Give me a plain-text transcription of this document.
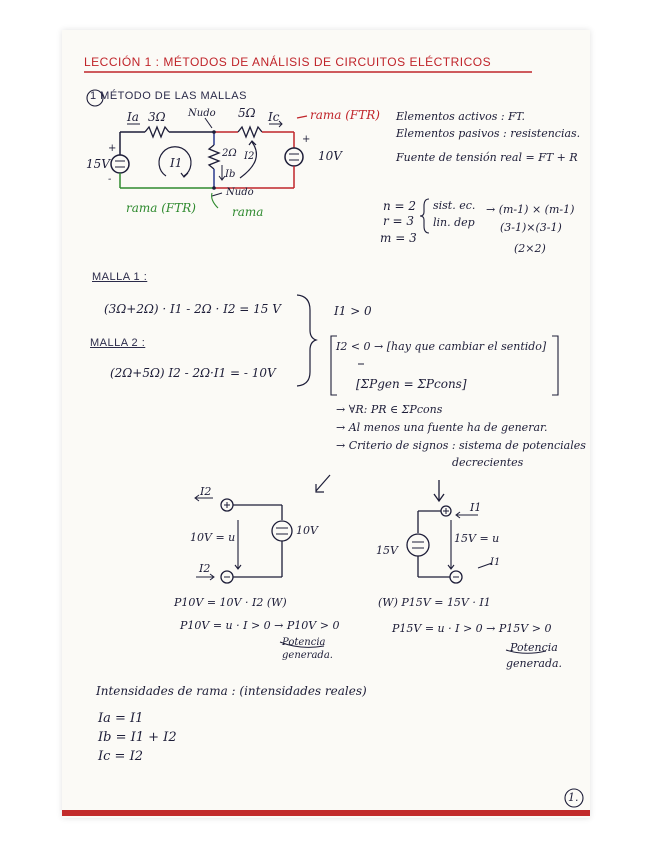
LECCIÓN 1 : MÉTODOS DE ANÁLISIS DE CIRCUITOS ELÉCTRICOS
1 MÉTODO DE LAS MALLAS
Ia 3Ω Nudo 5Ω Ic	rama (FTR)
15V
+
-
I1
2Ω
Ib
I2
+
10V
Nudo
rama (FTR)	rama
Elementos activos : FT.
Elementos pasivos : resistencias.
Fuente de tensión real = FT + R
n = 2
r = 3
m = 3
sist. ec.
lin. dep
→ (m-1) × (m-1)
(3-1)×(3-1)
(2×2)
MALLA 1 :
(3Ω+2Ω) · I1 - 2Ω · I2 = 15 V
MALLA 2 :
(2Ω+5Ω) I2 - 2Ω·I1 = - 10V
I1 > 0
I2 < 0 → [hay que cambiar el sentido]
[ΣPgen = ΣPcons]
→ ∀R: PR ∈ ΣPcons
→ Al menos una fuente ha de generar.
→ Criterio de signos : sistema de potenciales
decrecientes
I2
10V = u
10V
I2
P10V = 10V · I2 (W)
P10V = u · I > 0 → P10V > 0
Potencia
generada.
I1
15V = u
15V
I1
(W) P15V = 15V · I1
P15V = u · I > 0 → P15V > 0
Potencia
generada.
Intensidades de rama : (intensidades reales)
Ia = I1
Ib = I1 + I2
Ic = I2
1.
